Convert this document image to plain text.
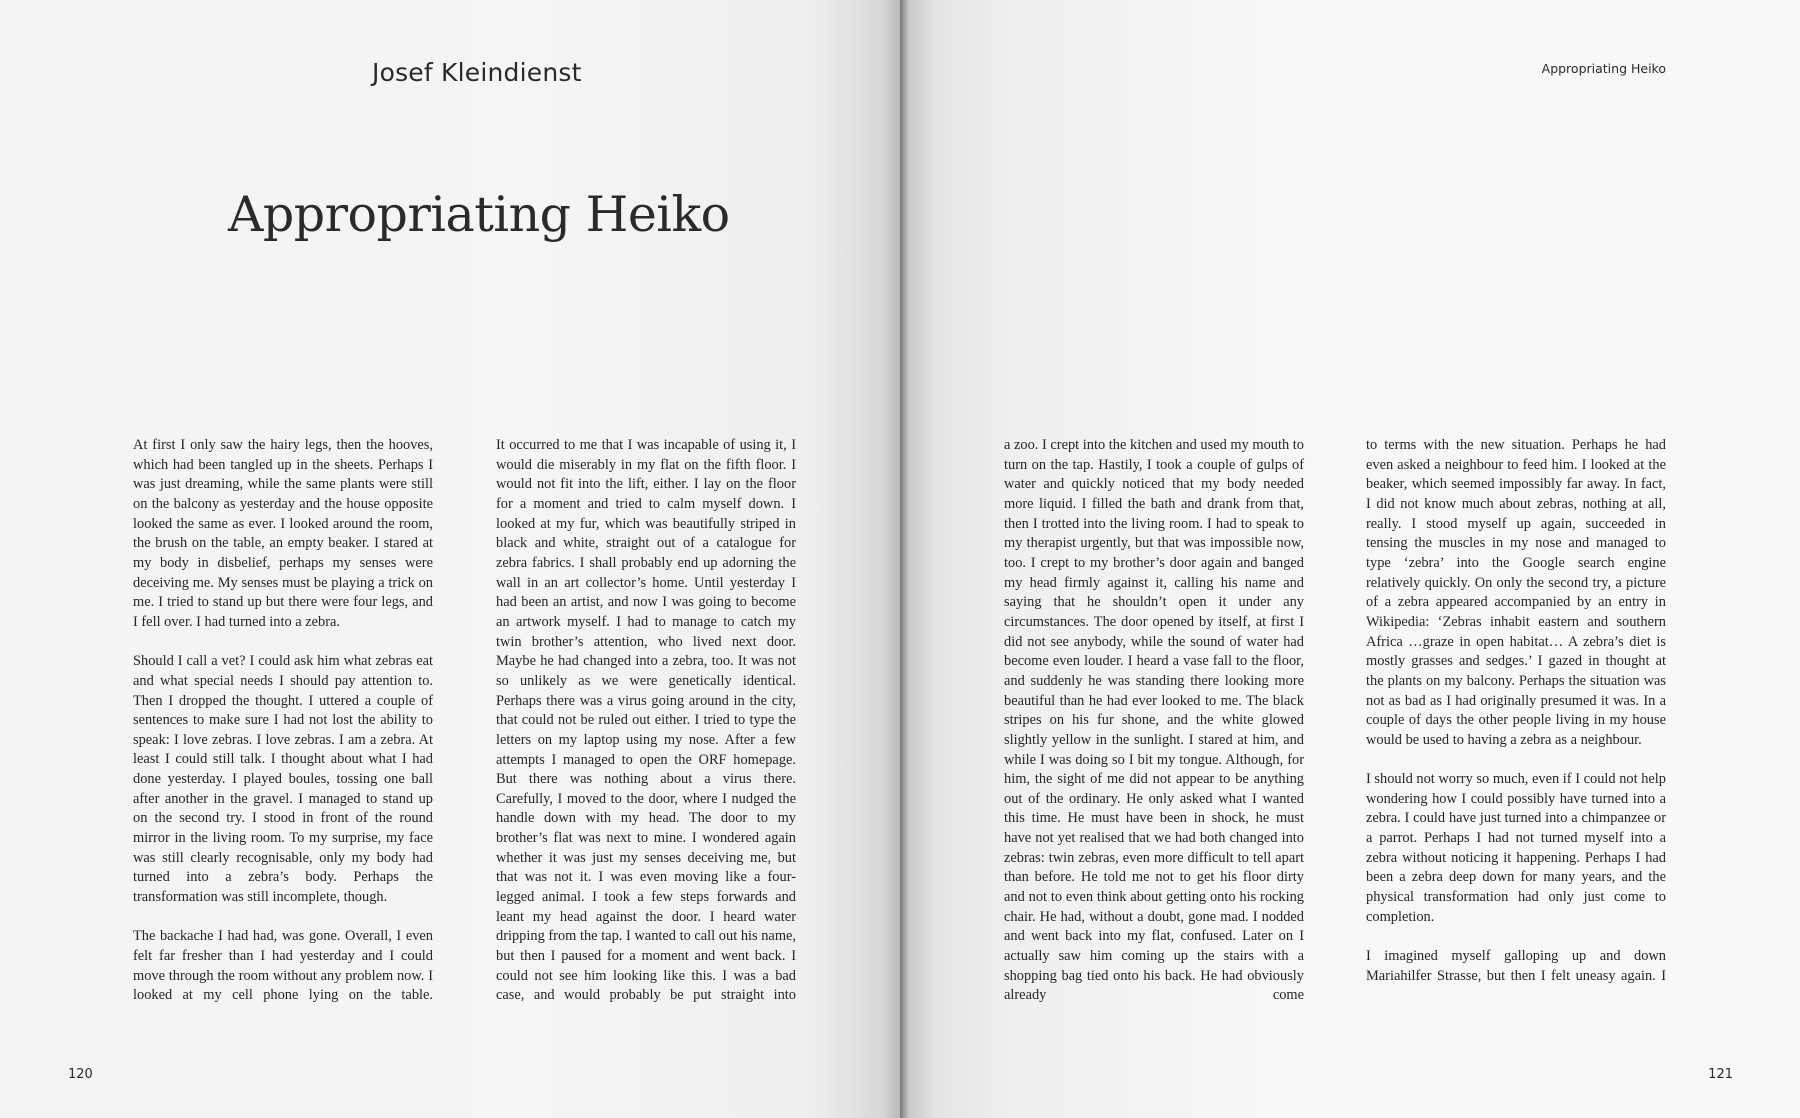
Josef Kleindienst
Appropriating Heiko

At first I only saw the hairy legs, then the hooves, which had been tangled up in the sheets. Perhaps I was just dreaming, while the same plants were still on the balcony as yesterday and the house opposite looked the same as ever. I looked around the room, the brush on the table, an empty beaker. I stared at my body in disbelief, perhaps my senses were deceiving me. My senses must be playing a trick on me. I tried to stand up but there were four legs, and I fell over. I had turned into a zebra.

Should I call a vet? I could ask him what zebras eat and what special needs I should pay attention to. Then I dropped the thought. I uttered a couple of sentences to make sure I had not lost the ability to speak: I love zebras. I love zebras. I am a zebra. At least I could still talk. I thought about what I had done yesterday. I played boules, tossing one ball after another in the gravel. I managed to stand up on the second try. I stood in front of the round mirror in the living room. To my surprise, my face was still clearly recognisable, only my body had turned into a zebra’s body. Perhaps the transformation was still incomplete, though.

The backache I had had, was gone. Overall, I even felt far fresher than I had yesterday and I could move through the room without any problem now. I looked at my cell phone lying on the table.

It occurred to me that I was incapable of using it, I would die miserably in my flat on the fifth floor. I would not fit into the lift, either. I lay on the floor for a moment and tried to calm myself down. I looked at my fur, which was beautifully striped in black and white, straight out of a catalogue for zebra fabrics. I shall probably end up adorning the wall in an art collector’s home. Until yesterday I had been an artist, and now I was going to become an artwork myself. I had to manage to catch my twin brother’s attention, who lived next door. Maybe he had changed into a zebra, too. It was not so unlikely as we were genetically identical. Perhaps there was a virus going around in the city, that could not be ruled out either. I tried to type the letters on my laptop using my nose. After a few attempts I managed to open the ORF homepage. But there was nothing about a virus there. Carefully, I moved to the door, where I nudged the handle down with my head. The door to my brother’s flat was next to mine. I wondered again whether it was just my senses deceiving me, but that was not it. I was even moving like a four-legged animal. I took a few steps forwards and leant my head against the door. I heard water dripping from the tap. I wanted to call out his name, but then I paused for a moment and went back. I could not see him looking like this. I was a bad case, and would probably be put straight into

120
Appropriating Heiko

a zoo. I crept into the kitchen and used my mouth to turn on the tap. Hastily, I took a couple of gulps of water and quickly noticed that my body needed more liquid. I filled the bath and drank from that, then I trotted into the living room. I had to speak to my therapist urgently, but that was impossible now, too. I crept to my brother’s door again and banged my head firmly against it, calling his name and saying that he shouldn’t open it under any circumstances. The door opened by itself, at first I did not see anybody, while the sound of water had become even louder. I heard a vase fall to the floor, and suddenly he was standing there looking more beautiful than he had ever looked to me. The black stripes on his fur shone, and the white glowed slightly yellow in the sunlight. I stared at him, and while I was doing so I bit my tongue. Although, for him, the sight of me did not appear to be anything out of the ordinary. He only asked what I wanted this time. He must have been in shock, he must have not yet realised that we had both changed into zebras: twin zebras, even more difficult to tell apart than before. He told me not to get his floor dirty and not to even think about getting onto his rocking chair. He had, without a doubt, gone mad. I nodded and went back into my flat, confused. Later on I actually saw him coming up the stairs with a shopping bag tied onto his back. He had obviously already come

to terms with the new situation. Perhaps he had even asked a neighbour to feed him. I looked at the beaker, which seemed impossibly far away. In fact, I did not know much about zebras, nothing at all, really. I stood myself up again, succeeded in tensing the muscles in my nose and managed to type ‘zebra’ into the Google search engine relatively quickly. On only the second try, a picture of a zebra appeared accompanied by an entry in Wikipedia: ‘Zebras inhabit eastern and southern Africa …graze in open habitat… A zebra’s diet is mostly grasses and sedges.’ I gazed in thought at the plants on my balcony. Perhaps the situation was not as bad as I had originally presumed it was. In a couple of days the other people living in my house would be used to having a zebra as a neighbour.

I should not worry so much, even if I could not help wondering how I could possibly have turned into a zebra. I could have just turned into a chimpanzee or a parrot. Perhaps I had not turned myself into a zebra without noticing it happening. Perhaps I had been a zebra deep down for many years, and the physical transformation had only just come to completion.

I imagined myself galloping up and down Mariahilfer Strasse, but then I felt uneasy again. I

121
